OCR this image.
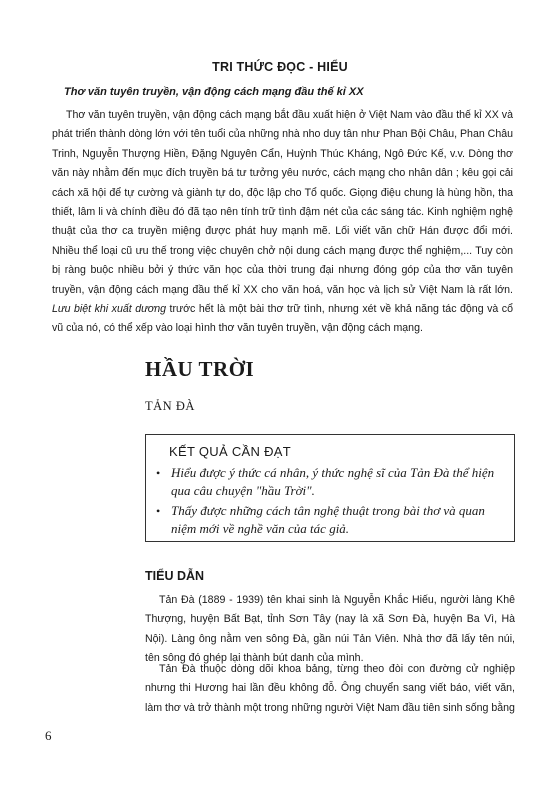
TRI THỨC ĐỌC - HIỂU
Thơ văn tuyên truyền, vận động cách mạng đầu thế kỉ XX

Thơ văn tuyên truyền, vận động cách mạng bắt đầu xuất hiện ở Việt Nam vào đầu thế kỉ XX và phát triển thành dòng lớn với tên tuổi của những nhà nho duy tân như Phan Bội Châu, Phan Châu Trinh, Nguyễn Thượng Hiền, Đặng Nguyên Cẩn, Huỳnh Thúc Kháng, Ngô Đức Kế, v.v. Dòng thơ văn này nhằm đến mục đích truyền bá tư tưởng yêu nước, cách mạng cho nhân dân ; kêu gọi cải cách xã hội để tự cường và giành tự do, độc lập cho Tổ quốc. Giọng điệu chung là hùng hồn, tha thiết, lâm li và chính điều đó đã tạo nên tính trữ tình đậm nét của các sáng tác. Kinh nghiệm nghệ thuật của thơ ca truyền miệng được phát huy mạnh mẽ. Lối viết văn chữ Hán được đổi mới. Nhiều thể loại cũ ưu thế trong việc chuyên chở nội dung cách mạng được thể nghiệm,... Tuy còn bị ràng buộc nhiều bởi ý thức văn học của thời trung đại nhưng đóng góp của thơ văn tuyên truyền, vận động cách mạng đầu thế kỉ XX cho văn hoá, văn học và lịch sử Việt Nam là rất lớn. Lưu biệt khi xuất dương trước hết là một bài thơ trữ tình, nhưng xét về khả năng tác động và cổ vũ của nó, có thể xếp vào loại hình thơ văn tuyên truyền, vận động cách mạng.

HẦU TRỜI
TẢN ĐÀ
KẾT QUẢ CẦN ĐẠT
• Hiểu được ý thức cá nhân, ý thức nghệ sĩ của Tản Đà thể hiện qua câu chuyện "hầu Trời".
• Thấy được những cách tân nghệ thuật trong bài thơ và quan niệm mới về nghề văn của tác giả.
TIỂU DẪN

Tản Đà (1889 - 1939) tên khai sinh là Nguyễn Khắc Hiếu, người làng Khê Thượng, huyện Bất Bạt, tỉnh Sơn Tây (nay là xã Sơn Đà, huyện Ba Vì, Hà Nội). Làng ông nằm ven sông Đà, gần núi Tản Viên. Nhà thơ đã lấy tên núi, tên sông đó ghép lại thành bút danh của mình.

Tản Đà thuộc dòng dõi khoa bảng, từng theo đòi con đường cử nghiệp nhưng thi Hương hai lần đều không đỗ. Ông chuyển sang viết báo, viết văn, làm thơ và trở thành một trong những người Việt Nam đầu tiên sinh sống bằng

6
